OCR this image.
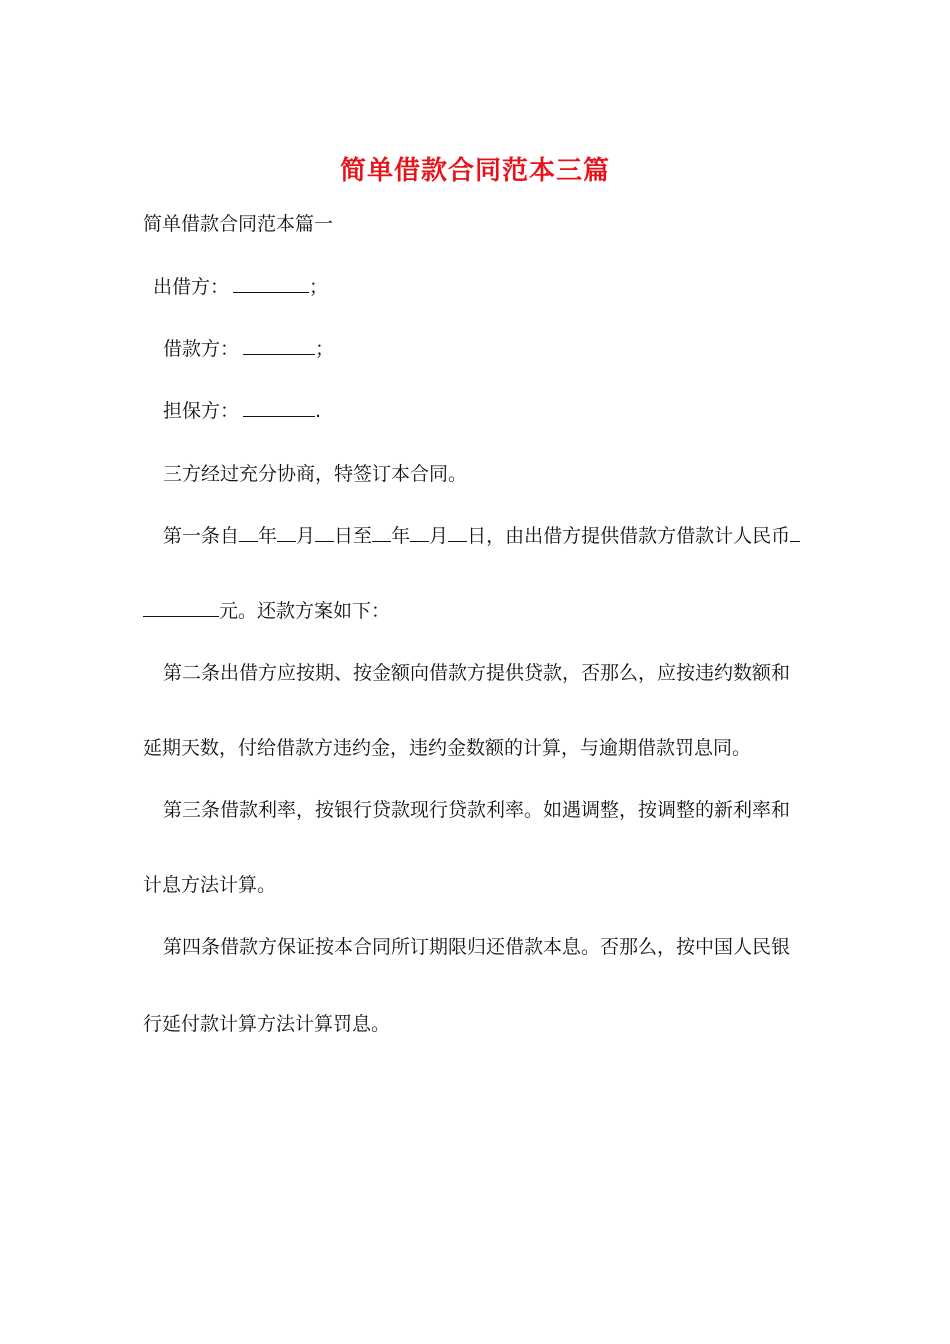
简单借款合同范本三篇
简单借款合同范本篇一
出借方：	；
借款方：	；
担保方：	.
三方经过充分协商，特签订本合同。
第一条自 年 月 日至 年 月 日，由出借方提供借款方借款计人民币
元。还款方案如下：
第二条出借方应按期、按金额向借款方提供贷款，否那么，应按违约数额和
延期天数，付给借款方违约金，违约金数额的计算，与逾期借款罚息同。
第三条借款利率，按银行贷款现行贷款利率。如遇调整，按调整的新利率和
计息方法计算。
第四条借款方保证按本合同所订期限归还借款本息。否那么，按中国人民银
行延付款计算方法计算罚息。
